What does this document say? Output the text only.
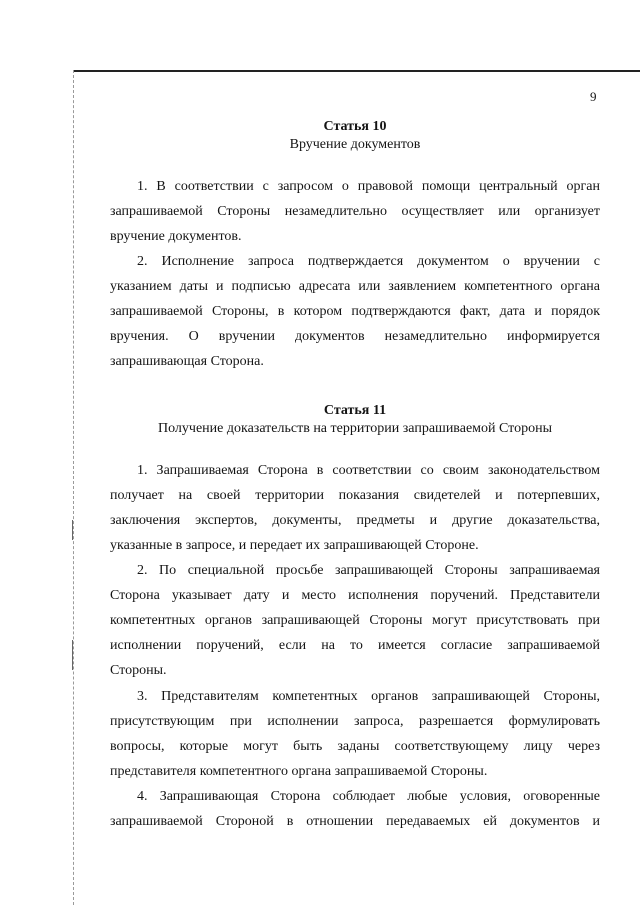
9
Статья 10
Вручение документов
1. В соответствии с запросом о правовой помощи центральный орган
запрашиваемой Стороны незамедлительно осуществляет или организует
вручение документов.
2. Исполнение запроса подтверждается документом о вручении с
указанием даты и подписью адресата или заявлением компетентного органа
запрашиваемой Стороны, в котором подтверждаются факт, дата и порядок
вручения. О вручении документов незамедлительно информируется
запрашивающая Сторона.
Статья 11
Получение доказательств на территории запрашиваемой Стороны
1. Запрашиваемая Сторона в соответствии со своим законодательством
получает на своей территории показания свидетелей и потерпевших,
заключения экспертов, документы, предметы и другие доказательства,
указанные в запросе, и передает их запрашивающей Стороне.
2. По специальной просьбе запрашивающей Стороны запрашиваемая
Сторона указывает дату и место исполнения поручений. Представители
компетентных органов запрашивающей Стороны могут присутствовать при
исполнении поручений, если на то имеется согласие запрашиваемой
Стороны.
3. Представителям компетентных органов запрашивающей Стороны,
присутствующим при исполнении запроса, разрешается формулировать
вопросы, которые могут быть заданы соответствующему лицу через
представителя компетентного органа запрашиваемой Стороны.
4. Запрашивающая Сторона соблюдает любые условия, оговоренные
запрашиваемой Стороной в отношении передаваемых ей документов и
